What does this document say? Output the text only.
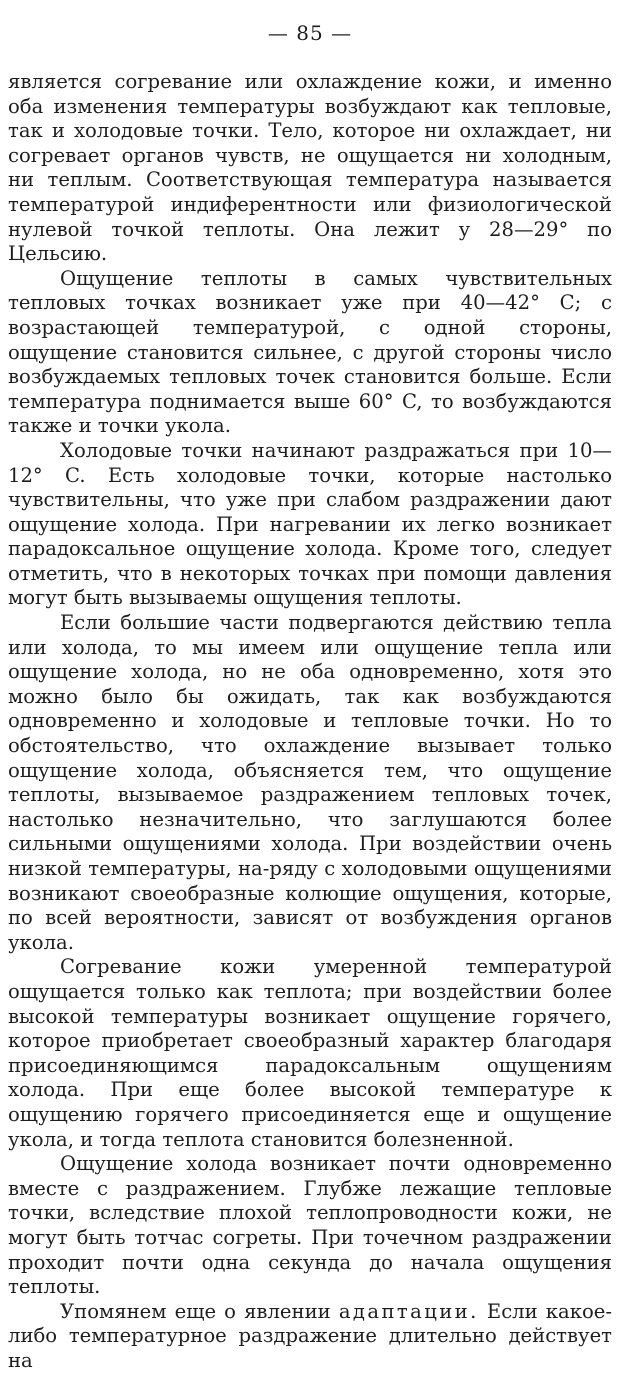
— 85 —

является согревание или охлаждение кожи, и именно оба изменения температуры возбуждают как тепловые, так и холодовые точки. Тело, которое ни охлаждает, ни согревает органов чувств, не ощущается ни холодным, ни теплым. Соответствующая температура называется температурой индиферентности или физиологической нулевой точкой теплоты. Она лежит у 28—29° по Цельсию.

Ощущение теплоты в самых чувствительных тепловых точках возникает уже при 40—42° C; с возрастающей температурой, с одной стороны, ощущение становится сильнее, с другой стороны число возбуждаемых тепловых точек становится больше. Если температура поднимается выше 60° C, то возбуждаются также и точки укола.

Холодовые точки начинают раздражаться при 10—12° C. Есть холодовые точки, которые настолько чувствительны, что уже при слабом раздражении дают ощущение холода. При нагревании их легко возникает парадоксальное ощущение холода. Кроме того, следует отметить, что в некоторых точках при помощи давления могут быть вызываемы ощущения теплоты.

Если большие части подвергаются действию тепла или холода, то мы имеем или ощущение тепла или ощущение холода, но не оба одновременно, хотя это можно было бы ожидать, так как возбуждаются одновременно и холодовые и тепловые точки. Но то обстоятельство, что охлаждение вызывает только ощущение холода, объясняется тем, что ощущение теплоты, вызываемое раздражением тепловых точек, настолько незначительно, что заглушаются более сильными ощущениями холода. При воздействии очень низкой температуры, на-ряду с холодовыми ощущениями возникают своеобразные колющие ощущения, которые, по всей вероятности, зависят от возбуждения органов укола.

Согревание кожи умеренной температурой ощущается только как теплота; при воздействии более высокой температуры возникает ощущение горячего, которое приобретает своеобразный характер благодаря присоединяющимся парадоксальным ощущениям холода. При еще более высокой температуре к ощущению горячего присоединяется еще и ощущение укола, и тогда теплота становится болезненной.

Ощущение холода возникает почти одновременно вместе с раздражением. Глубже лежащие тепловые точки, вследствие плохой теплопроводности кожи, не могут быть тотчас согреты. При точечном раздражении проходит почти одна секунда до начала ощущения теплоты.

Упомянем еще о явлении адаптации. Если какое-либо температурное раздражение длительно действует на
